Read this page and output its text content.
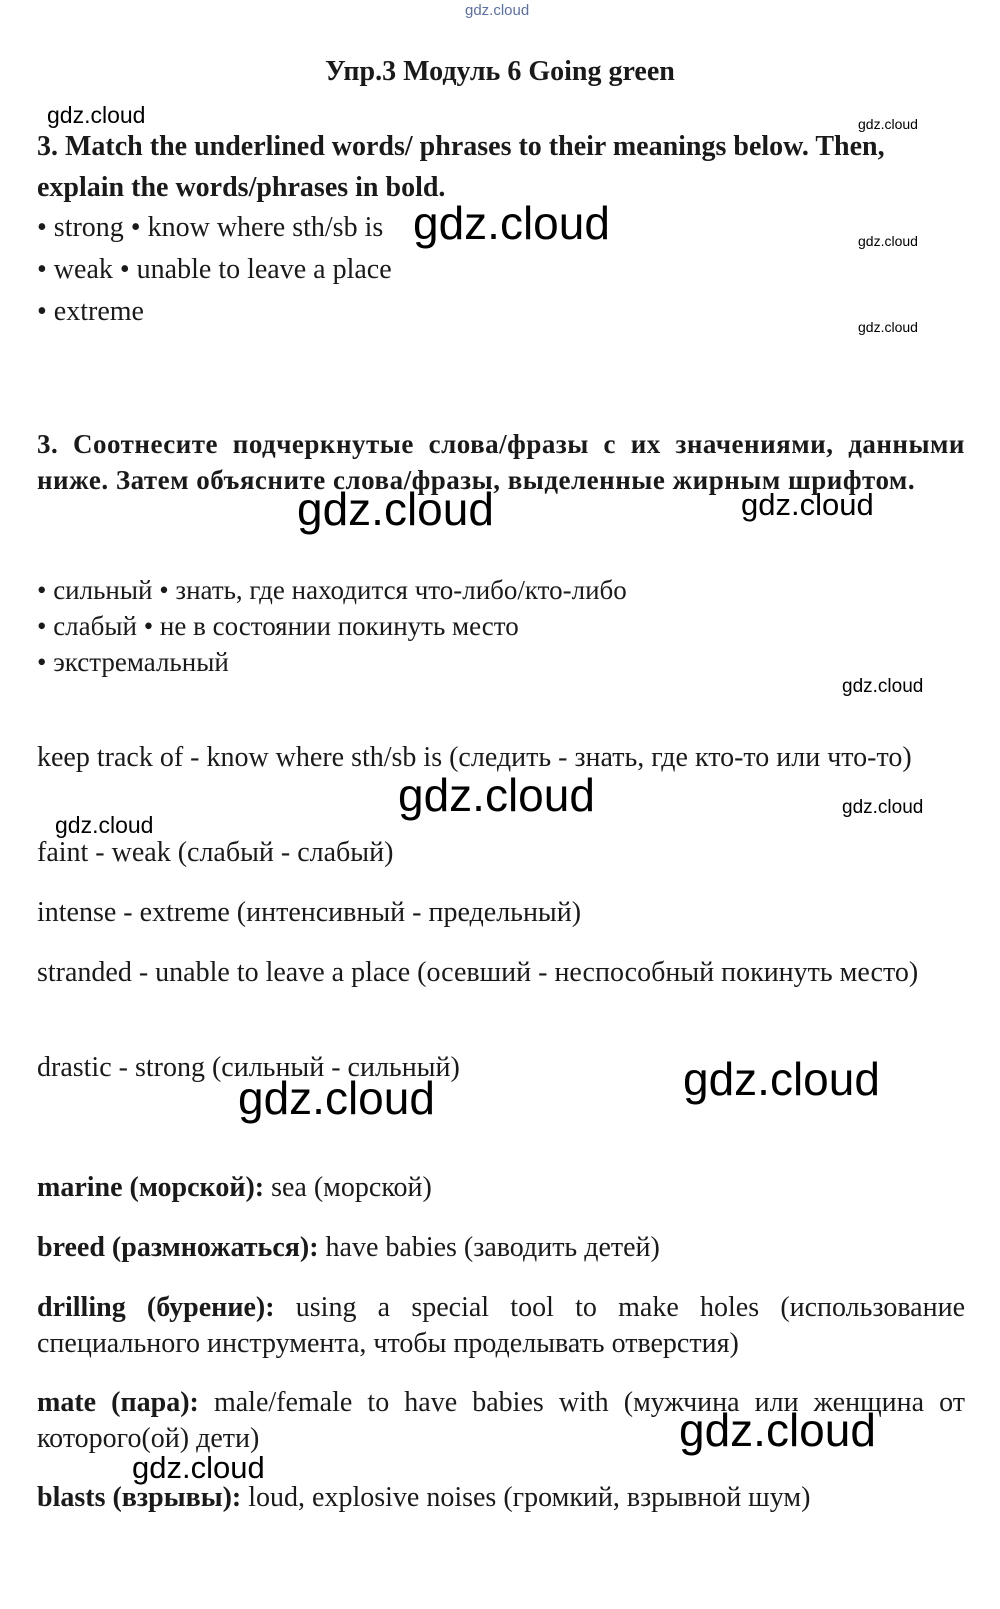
gdz.cloud
gdz.cloud	gdz.cloud
gdz.cloud	gdz.cloud
gdz.cloud
gdz.cloud	gdz.cloud
gdz.cloud
gdz.cloud	gdz.cloud
gdz.cloud
gdz.cloud
gdz.cloud
gdz.cloud
gdz.cloud
Упр.3 Модуль 6 Going green
3. Match the underlined words/ phrases to their meanings below. Then, explain the words/phrases in bold.
• strong • know where sth/sb is
• weak • unable to leave a place
• extreme
3. Соотнесите подчеркнутые слова/фразы с их значениями, данными ниже. Затем объясните слова/фразы, выделенные жирным шрифтом.
• сильный • знать, где находится что-либо/кто-либо
• слабый • не в состоянии покинуть место
• экстремальный
keep track of - know where sth/sb is (следить - знать, где кто-то или что-то)
faint - weak (слабый - слабый)
intense - extreme (интенсивный - предельный)
stranded - unable to leave a place (осевший - неспособный покинуть место)
drastic - strong (сильный - сильный)
marine (морской): sea (морской)
breed (размножаться): have babies (заводить детей)
drilling (бурение): using a special tool to make holes (использование специального инструмента, чтобы проделывать отверстия)
mate (пара): male/female to have babies with (мужчина или женщина от которого(ой) дети)
blasts (взрывы): loud, explosive noises (громкий, взрывной шум)
